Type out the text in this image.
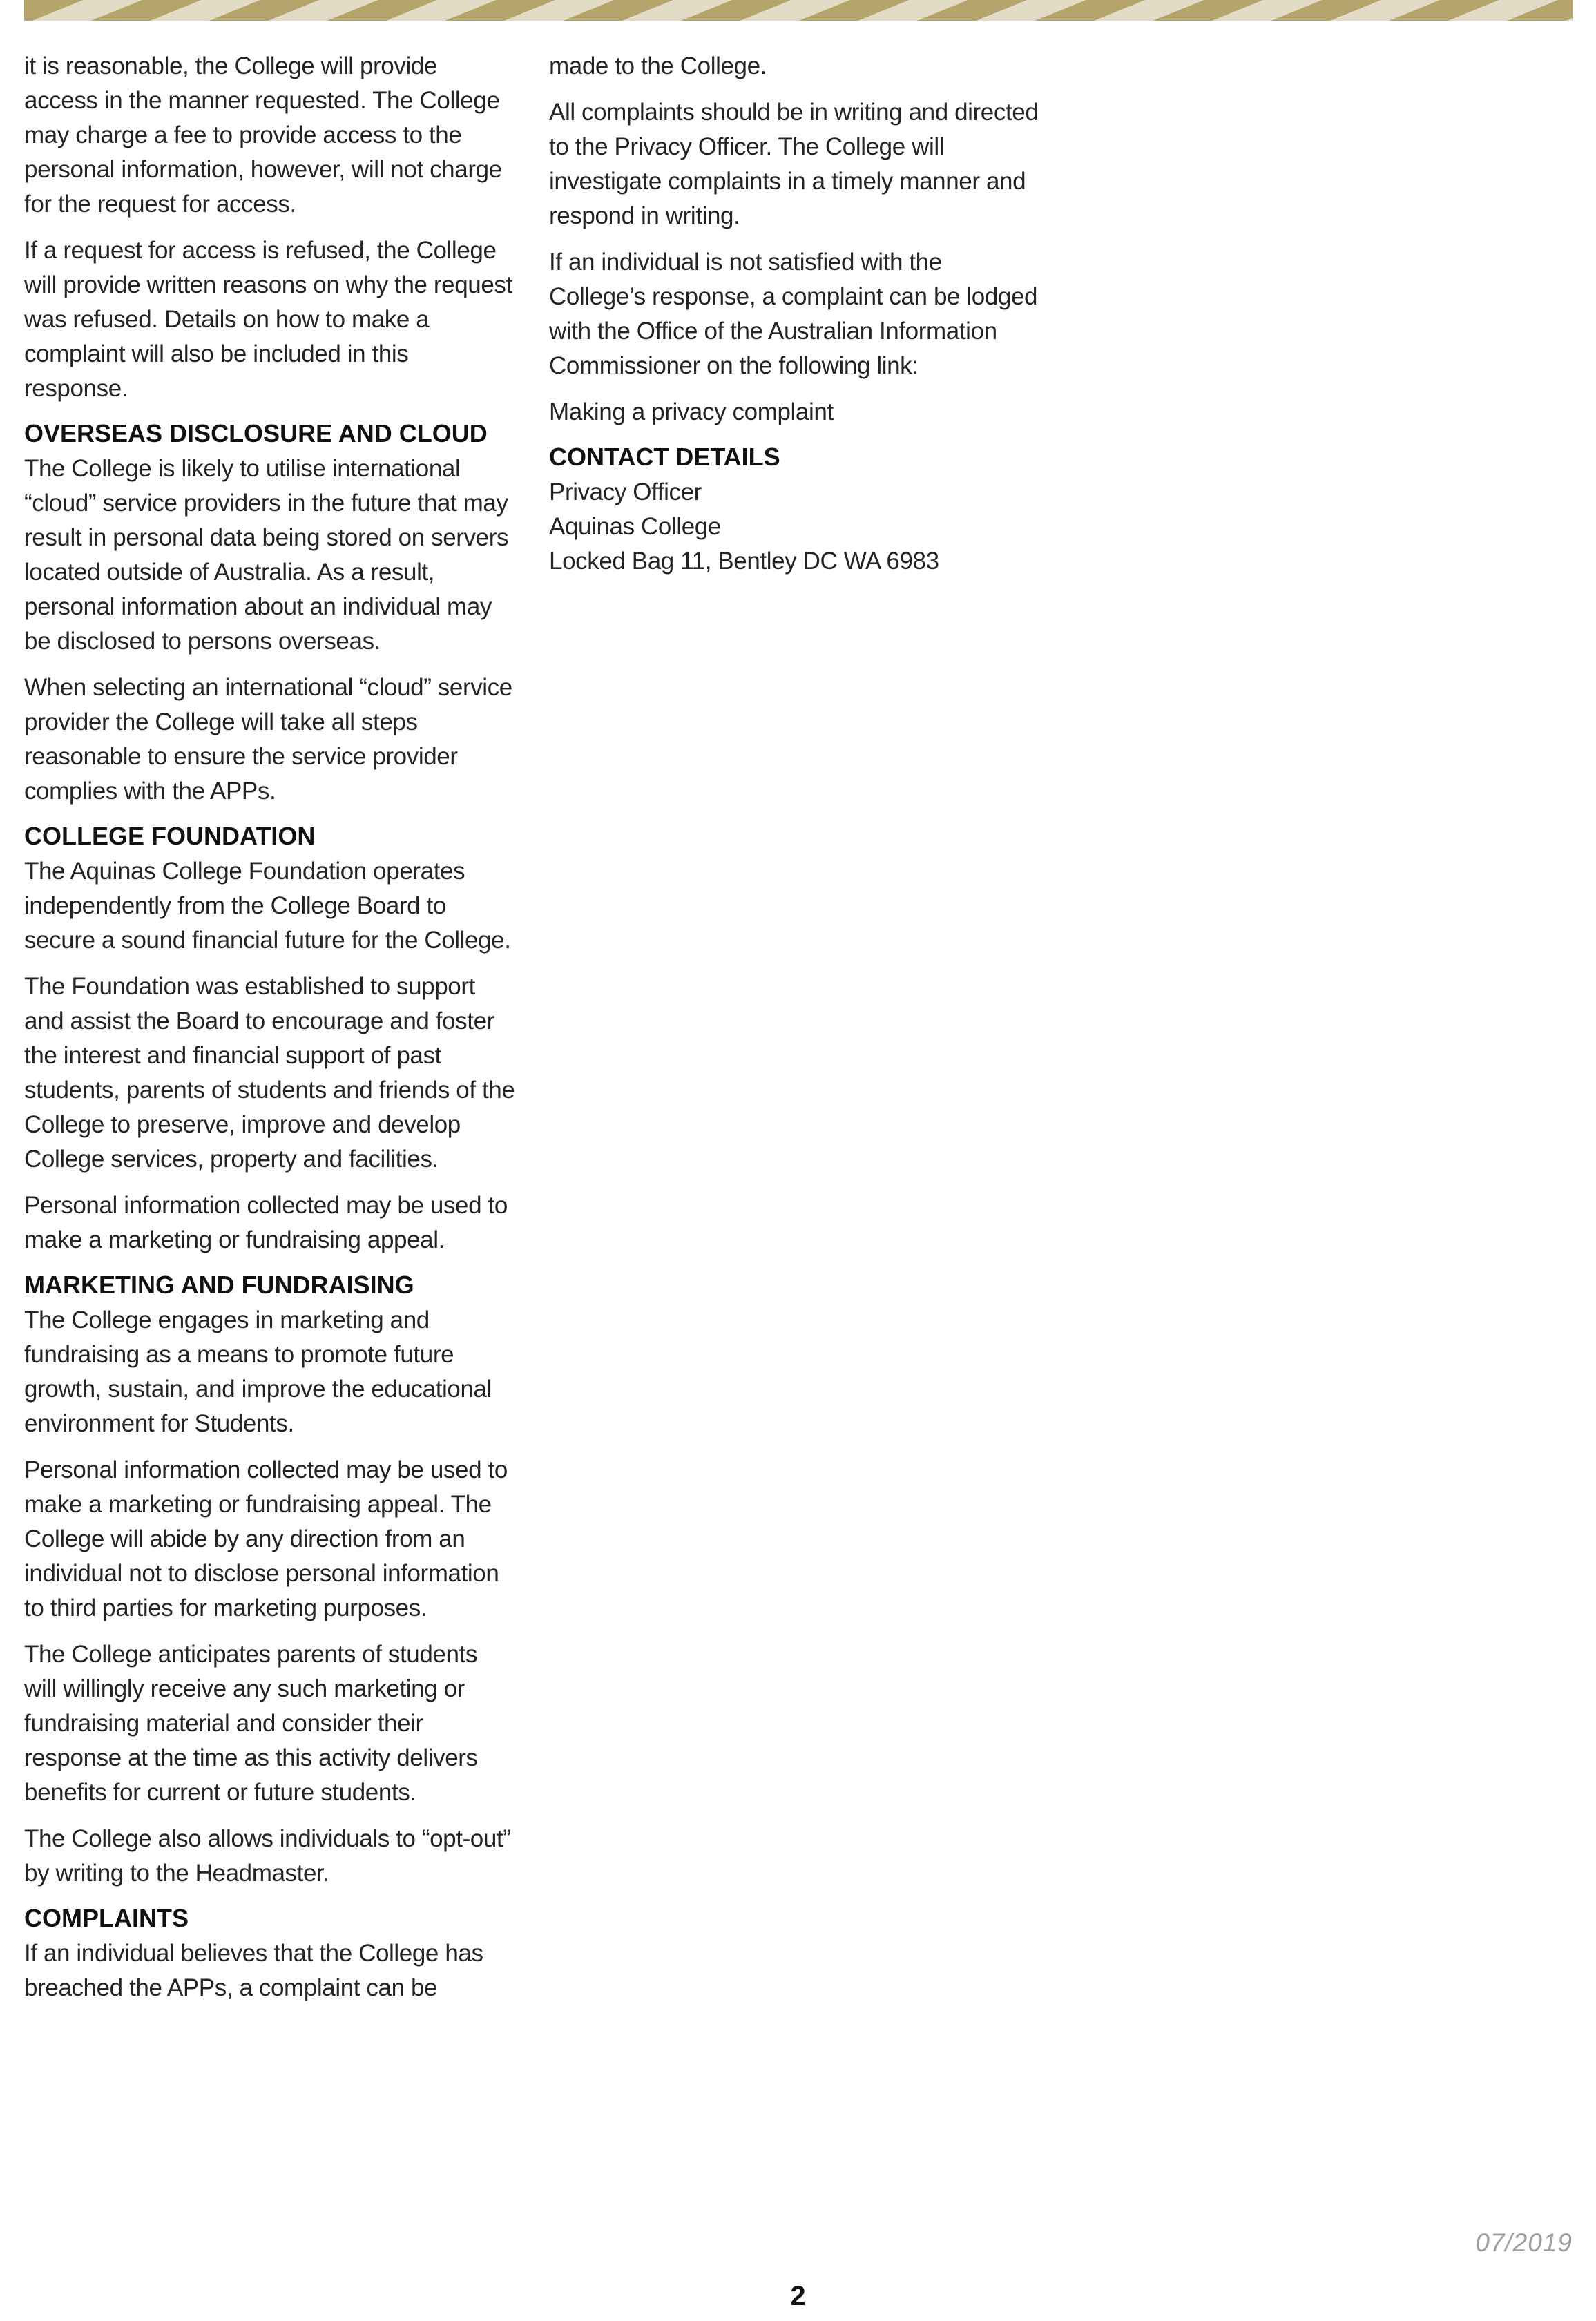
it is reasonable, the College will provide access in the manner requested. The College may charge a fee to provide access to the personal information, however, will not charge for the request for access.

If a request for access is refused, the College will provide written reasons on why the request was refused. Details on how to make a complaint will also be included in this response.

OVERSEAS DISCLOSURE AND CLOUD

The College is likely to utilise international “cloud” service providers in the future that may result in personal data being stored on servers located outside of Australia. As a result, personal information about an individual may be disclosed to persons overseas.

When selecting an international “cloud” service provider the College will take all steps reasonable to ensure the service provider complies with the APPs.

COLLEGE FOUNDATION

The Aquinas College Foundation operates independently from the College Board to secure a sound financial future for the College.

The Foundation was established to support and assist the Board to encourage and foster the interest and financial support of past students, parents of students and friends of the College to preserve, improve and develop College services, property and facilities.

Personal information collected may be used to make a marketing or fundraising appeal.

MARKETING AND FUNDRAISING

The College engages in marketing and fundraising as a means to promote future growth, sustain, and improve the educational environment for Students.

Personal information collected may be used to make a marketing or fundraising appeal. The College will abide by any direction from an individual not to disclose personal information to third parties for marketing purposes.

The College anticipates parents of students will willingly receive any such marketing or fundraising material and consider their response at the time as this activity delivers benefits for current or future students.

The College also allows individuals to “opt-out” by writing to the Headmaster.

COMPLAINTS

If an individual believes that the College has breached the APPs, a complaint can be

made to the College.

All complaints should be in writing and directed to the Privacy Officer. The College will investigate complaints in a timely manner and respond in writing.

If an individual is not satisfied with the College’s response, a complaint can be lodged with the Office of the Australian Information Commissioner on the following link:

Making a privacy complaint

CONTACT DETAILS
Privacy Officer
Aquinas College
Locked Bag 11, Bentley DC WA 6983
07/2019
2
